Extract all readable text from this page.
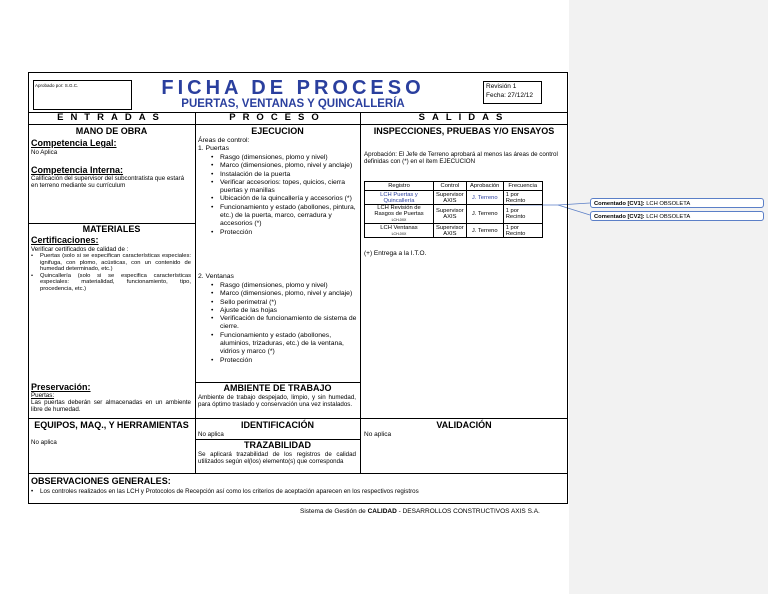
Comentado [CV1]: LCH OBSOLETA
Comentado [CV2]: LCH OBSOLETA
Aprobado por: S.G.C.	FICHA DE PROCESO
PUERTAS, VENTANAS Y QUINCALLERÍA
Revisión 1
Fecha: 27/12/12
ENTRADAS	PROCESO	SALIDAS
MANO DE OBRA
Competencia Legal:
No Aplica
Competencia Interna:
Calificación del supervisor del subcontratista que estará en terreno mediante su currículum
MATERIALES
Certificaciones:
Verificar certificados de calidad de :
• Puertas (solo si se especifican características especiales: ignifuga, con plomo, acústicas, con un contenido de humedad determinado, etc.)
• Quincallería (solo si se especifica características especiales: materialidad, funcionamiento, tipo, procedencia, etc.)
Preservación:
Puertas:
Las puertas deberán ser almacenadas en un ambiente libre de humedad.
EJECUCION
Áreas de control:
1. Puertas
• Rasgo (dimensiones, plomo y nivel)
• Marco (dimensiones, plomo, nivel y anclaje)
• Instalación de la puerta
• Verificar accesorios: topes, quicios, cierra puertas y manillas
• Ubicación de la quincallería y accesorios (*)
• Funcionamiento y estado (abollones, pintura, etc.) de la puerta, marco, cerradura y accesorios (*)
• Protección
2. Ventanas
• Rasgo (dimensiones, plomo y nivel)
• Marco (dimensiones, plomo, nivel y anclaje)
• Sello perimetral (*)
• Ajuste de las hojas
• Verificación de funcionamiento de sistema de cierre.
• Funcionamiento y estado (abollones, aluminios, trizaduras, etc.) de la ventana, vidrios y marco (*)
• Protección
AMBIENTE DE TRABAJO
Ambiente de trabajo despejado, limpio, y sin humedad, para óptimo traslado y conservación una vez instalados.
INSPECCIONES, PRUEBAS Y/O ENSAYOS
Aprobación: El Jefe de Terreno aprobará al menos las áreas de control definidas con (*) en el ítem EJECUCION
Registro	Control	Aprobación	Frecuencia
LCH Puertas y Quincallería	Supervisor AXIS	J. Terreno	1 por Recinto
LCH Revisión de Rasgos de Puertas
LCH-0XX	Supervisor AXIS	J. Terreno	1 por Recinto
LCH Ventanas
LCH-0XX	Supervisor AXIS	J. Terreno	1 por Recinto
(+) Entrega a la I.T.O.
EQUIPOS, MAQ., Y HERRAMIENTAS
No aplica
IDENTIFICACIÓN
No aplica
TRAZABILIDAD
Se aplicará trazabilidad de los registros de calidad utilizados según el(los) elemento(s) que corresponda
VALIDACIÓN
No aplica
OBSERVACIONES GENERALES:
• Los controles realizados en las LCH y Protocolos de Recepción así como los criterios de aceptación aparecen en los respectivos registros
Sistema de Gestión de CALIDAD - DESARROLLOS CONSTRUCTIVOS AXIS S.A.
